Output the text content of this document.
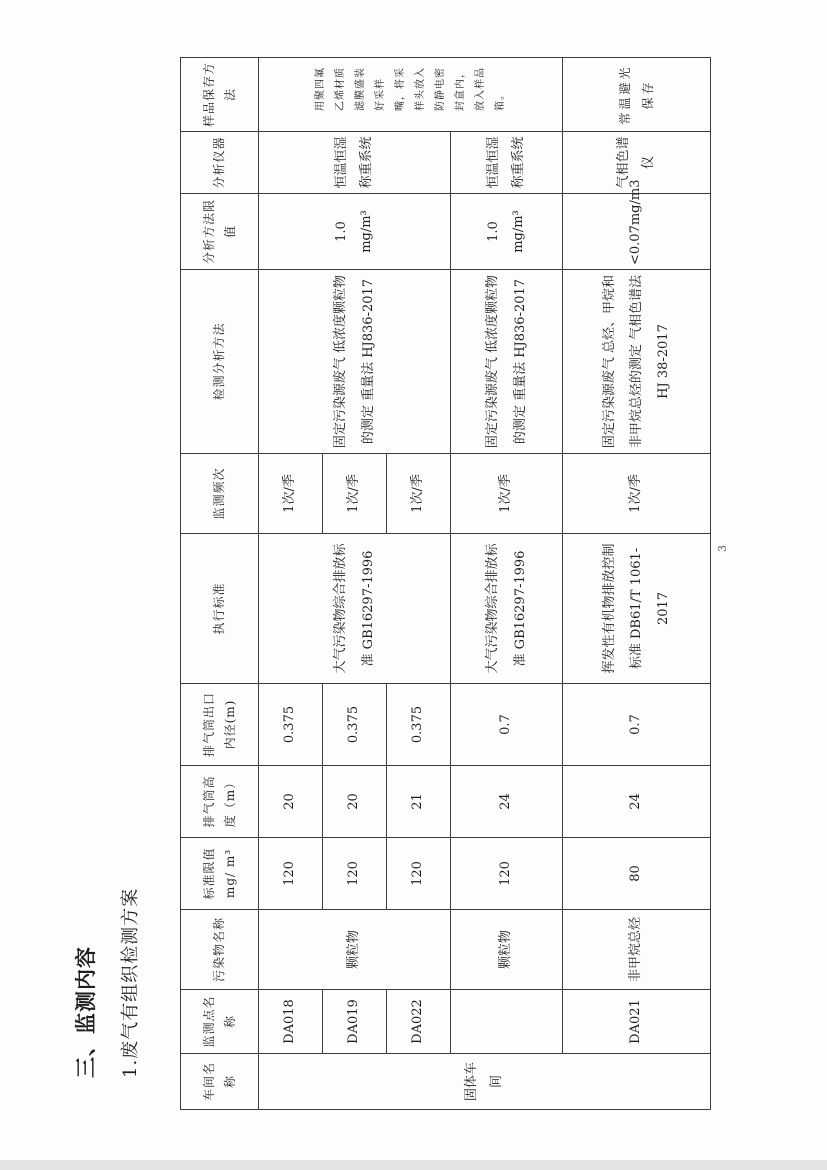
三、监测内容 1.废气有组织检测方案
车间名称	监测点名称	污染物名称	标准限值mg/ m³	排气筒高度（m）	排气筒出口内径(m)	执行标准	监测频次	检测分析方法	分析方法限值	分析仪器	样品保存方法
固体车间	DA018	颗粒物	120	20	0.375	大气污染物综合排放标准 GB16297-1996	1次/季	固定污染源废气 低浓度颗粒物的测定 重量法 HJ836-2017	1.0 mg/m³	恒温恒湿称重系统	用聚四氟乙烯材质滤膜盛装好采样嘴，将采样头放入防静电密封盒内，放入样品箱。
	DA019		120	20	0.375		1次/季				
	DA022		120	21	0.375		1次/季				
		颗粒物	120	24	0.7	大气污染物综合排放标准 GB16297-1996	1次/季	固定污染源废气 低浓度颗粒物的测定 重量法 HJ836-2017	1.0 mg/m³	恒温恒湿称重系统	
	DA021	非甲烷总烃	80	24	0.7	挥发性有机物排放控制标准 DB61/T 1061-2017	1次/季	固定污染源废气 总烃、甲烷和非甲烷总烃的测定 气相色谱法 HJ 38-2017	<0.07mg/m3	气相色谱仪	常温避光保存
3
